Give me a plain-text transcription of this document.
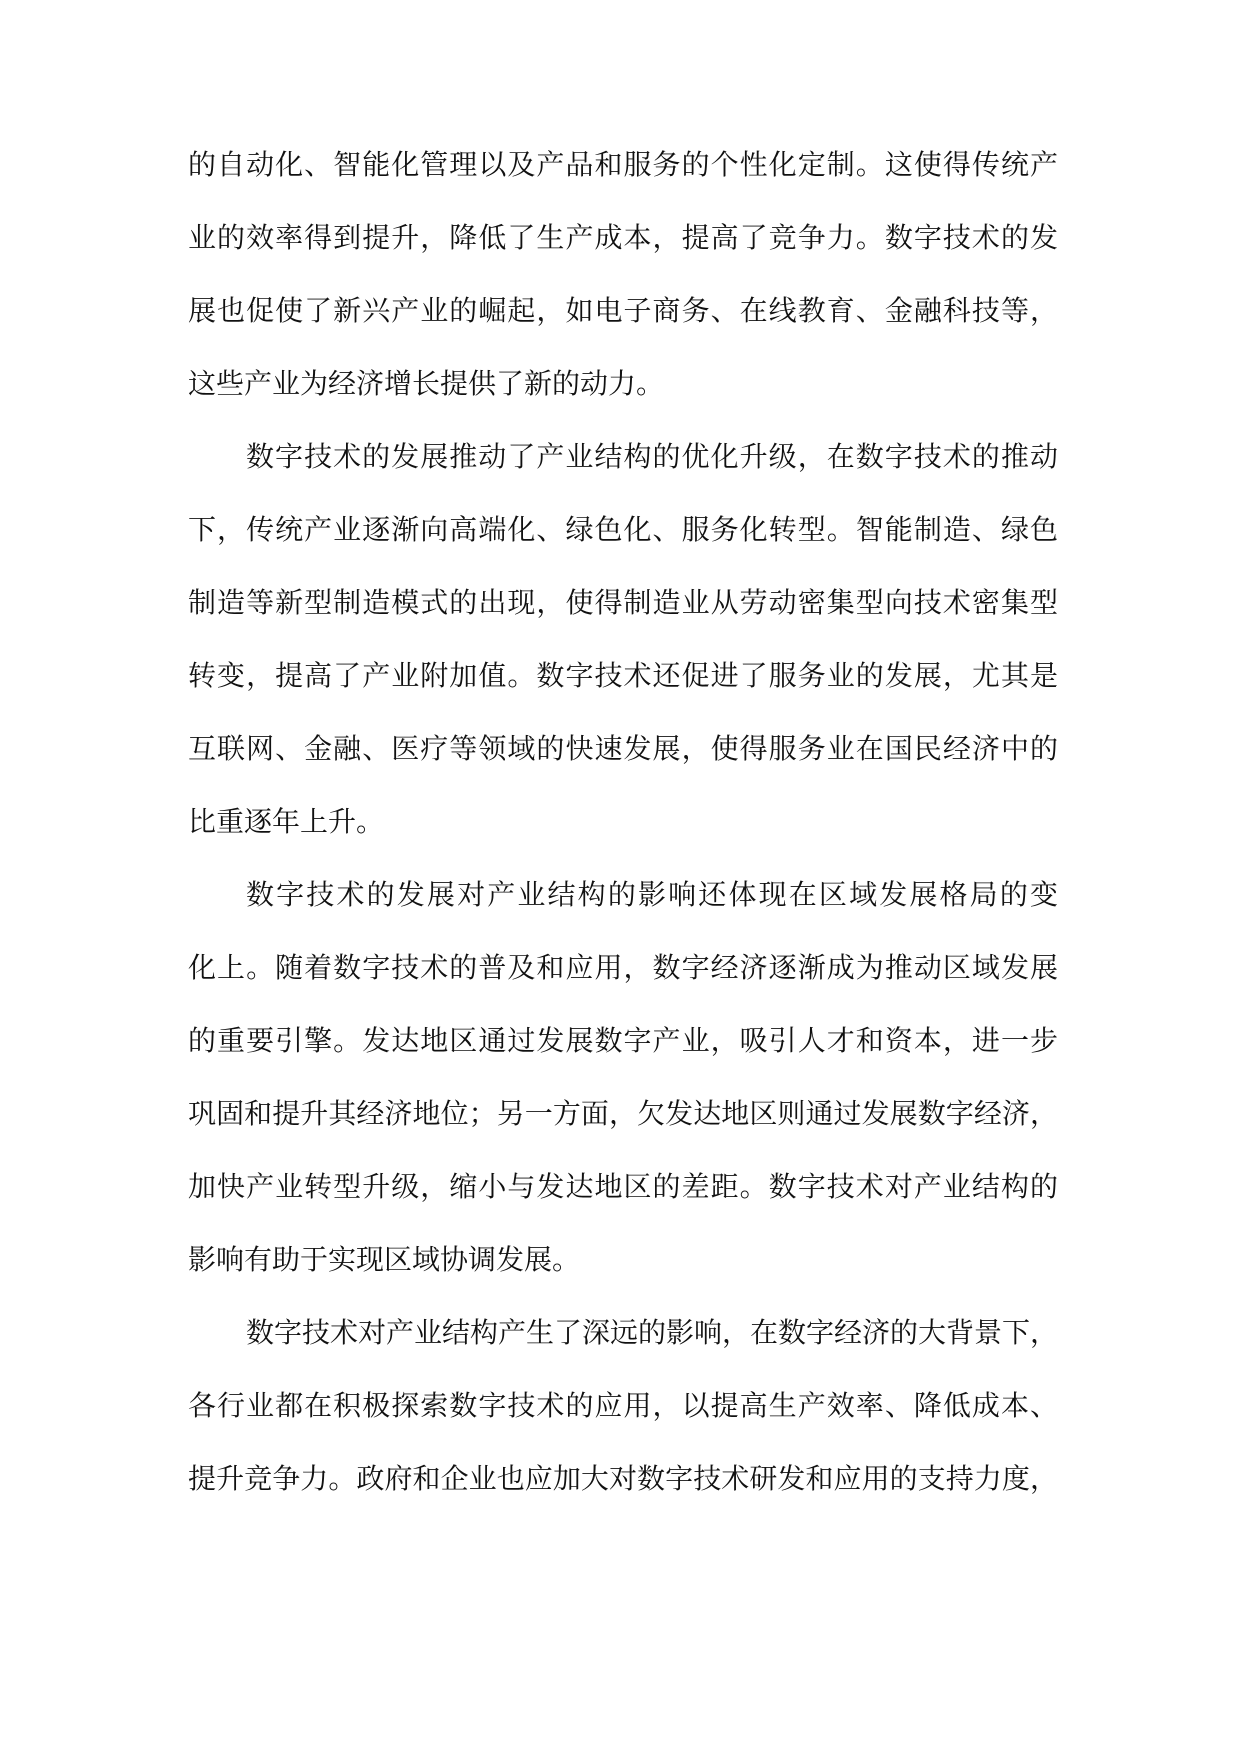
的自动化、智能化管理以及产品和服务的个性化定制。这使得传统产
业的效率得到提升，降低了生产成本，提高了竞争力。数字技术的发
展也促使了新兴产业的崛起，如电子商务、在线教育、金融科技等，
这些产业为经济增长提供了新的动力。
数字技术的发展推动了产业结构的优化升级，在数字技术的推动
下，传统产业逐渐向高端化、绿色化、服务化转型。智能制造、绿色
制造等新型制造模式的出现，使得制造业从劳动密集型向技术密集型
转变，提高了产业附加值。数字技术还促进了服务业的发展，尤其是
互联网、金融、医疗等领域的快速发展，使得服务业在国民经济中的
比重逐年上升。
数字技术的发展对产业结构的影响还体现在区域发展格局的变
化上。随着数字技术的普及和应用，数字经济逐渐成为推动区域发展
的重要引擎。发达地区通过发展数字产业，吸引人才和资本，进一步
巩固和提升其经济地位；另一方面，欠发达地区则通过发展数字经济，
加快产业转型升级，缩小与发达地区的差距。数字技术对产业结构的
影响有助于实现区域协调发展。
数字技术对产业结构产生了深远的影响，在数字经济的大背景下，
各行业都在积极探索数字技术的应用，以提高生产效率、降低成本、
提升竞争力。政府和企业也应加大对数字技术研发和应用的支持力度，
